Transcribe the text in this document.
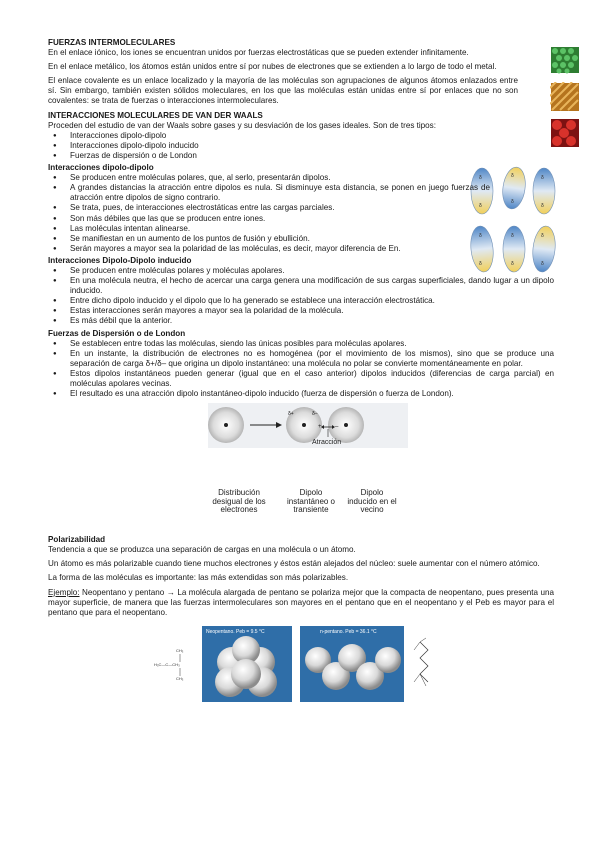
FUERZAS INTERMOLECULARES

En el enlace iónico, los iones se encuentran unidos por fuerzas electrostáticas que se pueden extender infinitamente.

En el enlace metálico, los átomos están unidos entre sí por nubes de electrones que se extienden a lo largo de todo el metal.

El enlace covalente es un enlace localizado y la mayoría de las moléculas son agrupaciones de algunos átomos enlazados entre sí. Sin embargo, también existen sólidos moleculares, en los que las moléculas están unidas entre sí por enlaces que no son covalentes: se trata de fuerzas o interacciones intermoleculares.

INTERACCIONES MOLECULARES DE VAN DER WAALS

Proceden del estudio de van der Waals sobre gases y su desviación de los gases ideales. Son de tres tipos:

● Interacciones dipolo-dipolo
● Interacciones dipolo-dipolo inducido
● Fuerzas de dispersión o de London
δ
δ
δ
δ
δ
δ
δ
δ
δ
δ
δ
δ
Interacciones dipolo-dipolo
● Se producen entre moléculas polares, que, al serlo, presentarán dipolos.
● A grandes distancias la atracción entre dipolos es nula. Si disminuye esta distancia, se ponen en juego fuerzas de atracción entre dipolos de signo contrario.
● Se trata, pues, de interacciones electrostáticas entre las cargas parciales.
● Son más débiles que las que se producen entre iones.
● Las moléculas intentan alinearse.
● Se manifiestan en un aumento de los puntos de fusión y ebullición.
● Serán mayores a mayor sea la polaridad de las moléculas, es decir, mayor diferencia de En.
Interacciones Dipolo-Dipolo inducido
● Se producen entre moléculas polares y moléculas apolares.
● En una molécula neutra, el hecho de acercar una carga genera una modificación de sus cargas superficiales, dando lugar a un dipolo inducido.
● Entre dicho dipolo inducido y el dipolo que lo ha generado se establece una interacción electrostática.
● Estas interacciones serán mayores a mayor sea la polaridad de la molécula.
● Es más débil que la anterior.
Fuerzas de Dispersión o de London
● Se establecen entre todas las moléculas, siendo las únicas posibles para moléculas apolares.
● En un instante, la distribución de electrones no es homogénea (por el movimiento de los mismos), sino que se produce una separación de carga δ+/δ– que origina un dipolo instantáneo: una molécula no polar se convierte momentáneamente en polar.
● Estos dipolos instantáneos pueden generar (igual que en el caso anterior) dipolos inducidos (diferencias de carga parcial) en moléculas apolares vecinas.
● El resultado es una atracción dipolo instantáneo-dipolo inducido (fuerza de dispersión o fuerza de London).
δ+	δ–
+ –
Atracción
Distribución desigual de los electrones
Dipolo instantáneo o transiente
Dipolo inducido en el vecino
Polarizabilidad

Tendencia a que se produzca una separación de cargas en una molécula o un átomo.

Un átomo es más polarizable cuando tiene muchos electrones y éstos están alejados del núcleo: suele aumentar con el número atómico.

La forma de las moléculas es importante: las más extendidas son más polarizables.

Ejemplo: Neopentano y pentano → La molécula alargada de pentano se polariza mejor que la compacta de neopentano, pues presenta una mayor superficie, de manera que las fuerzas intermoleculares son mayores en el pentano que en el neopentano y el Peb es mayor para el pentano que para el neopentano.

Neopentano. Peb = 9.5 °C	n-pentano. Peb = 36.1 °C
CH₃
H₃C—C—CH₃
CH₃
